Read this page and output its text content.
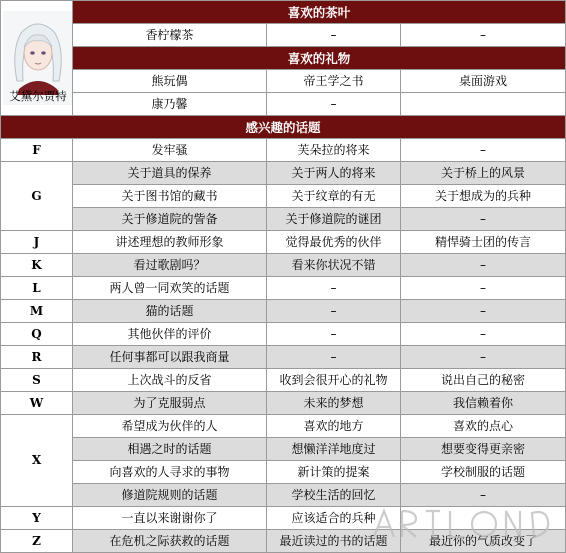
艾黛尔贾特	喜欢的茶叶		
	香柠檬茶	–	–
	喜欢的礼物		
	熊玩偶	帝王学之书	桌面游戏
	康乃馨	–	
感兴趣的话题			
F	发牢骚	芙朵拉的将来	–
G	关于道具的保养	关于两人的将来	关于桥上的风景
	关于图书馆的藏书	关于纹章的有无	关于想成为的兵种
	关于修道院的訾备	关于修道院的谜团	–
J	讲述理想的教师形象	觉得最优秀的伙伴	精悍骑士团的传言
K	看过歌剧吗？	看来你状况不错	–
L	两人曾一同欢笑的话题	–	–
M	猫的话题	–	–
Q	其他伙伴的评价	–	–
R	任何事都可以跟我商量	–	–
S	上次战斗的反省	收到会很开心的礼物	说出自己的秘密
W	为了克服弱点	未来的梦想	我信赖着你
X	希望成为伙伴的人	喜欢的地方	喜欢的点心
	相遇之时的话题	想懒洋洋地度过	想要变得更亲密
	向喜欢的人寻求的事物	新计策的提案	学校制服的话题
	修道院规则的话题	学校生活的回忆	–
Y	一直以来谢谢你了	应该适合的兵种	
Z	在危机之际获救的话题	最近读过的书的话题	最近你的气质改变了
